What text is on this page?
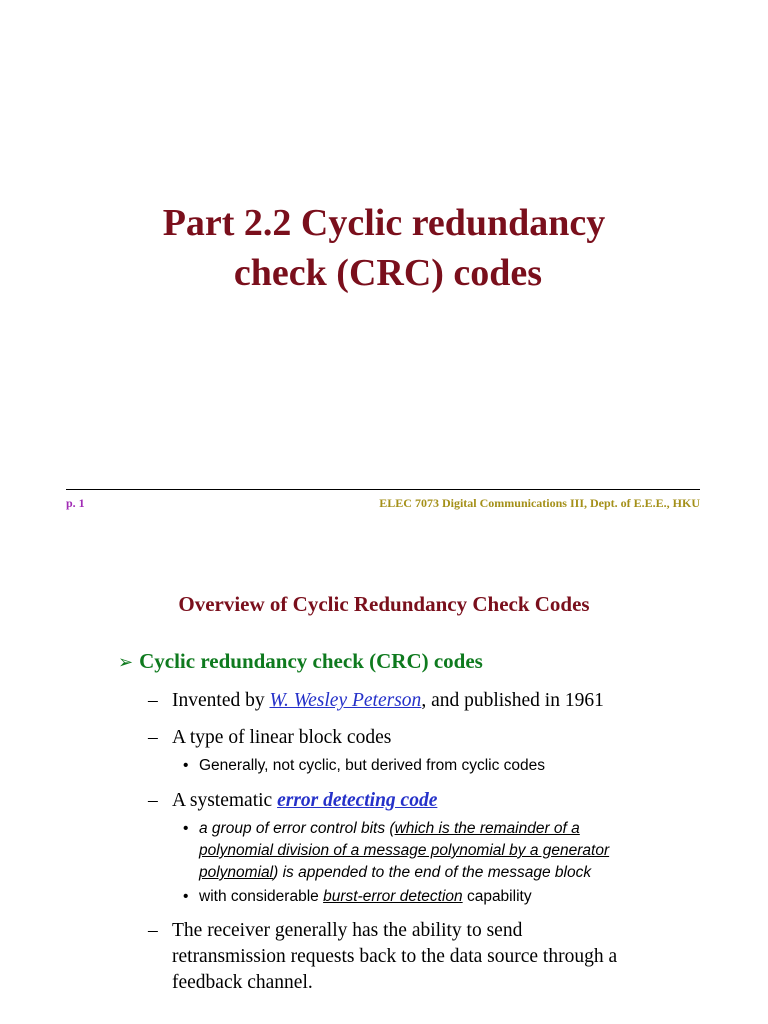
Part 2.2 Cyclic redundancy
check (CRC) codes
p. 1	ELEC 7073 Digital Communications III, Dept. of E.E.E., HKU
Overview of Cyclic Redundancy Check Codes
➢ Cyclic redundancy check (CRC) codes
– Invented by W. Wesley Peterson, and published in 1961
– A type of linear block codes
• Generally, not cyclic, but derived from cyclic codes
– A systematic error detecting code
• a group of error control bits (which is the remainder of a polynomial division of a message polynomial by a generator polynomial) is appended to the end of the message block
• with considerable burst-error detection capability
– The receiver generally has the ability to send
retransmission requests back to the data source through a
feedback channel.
